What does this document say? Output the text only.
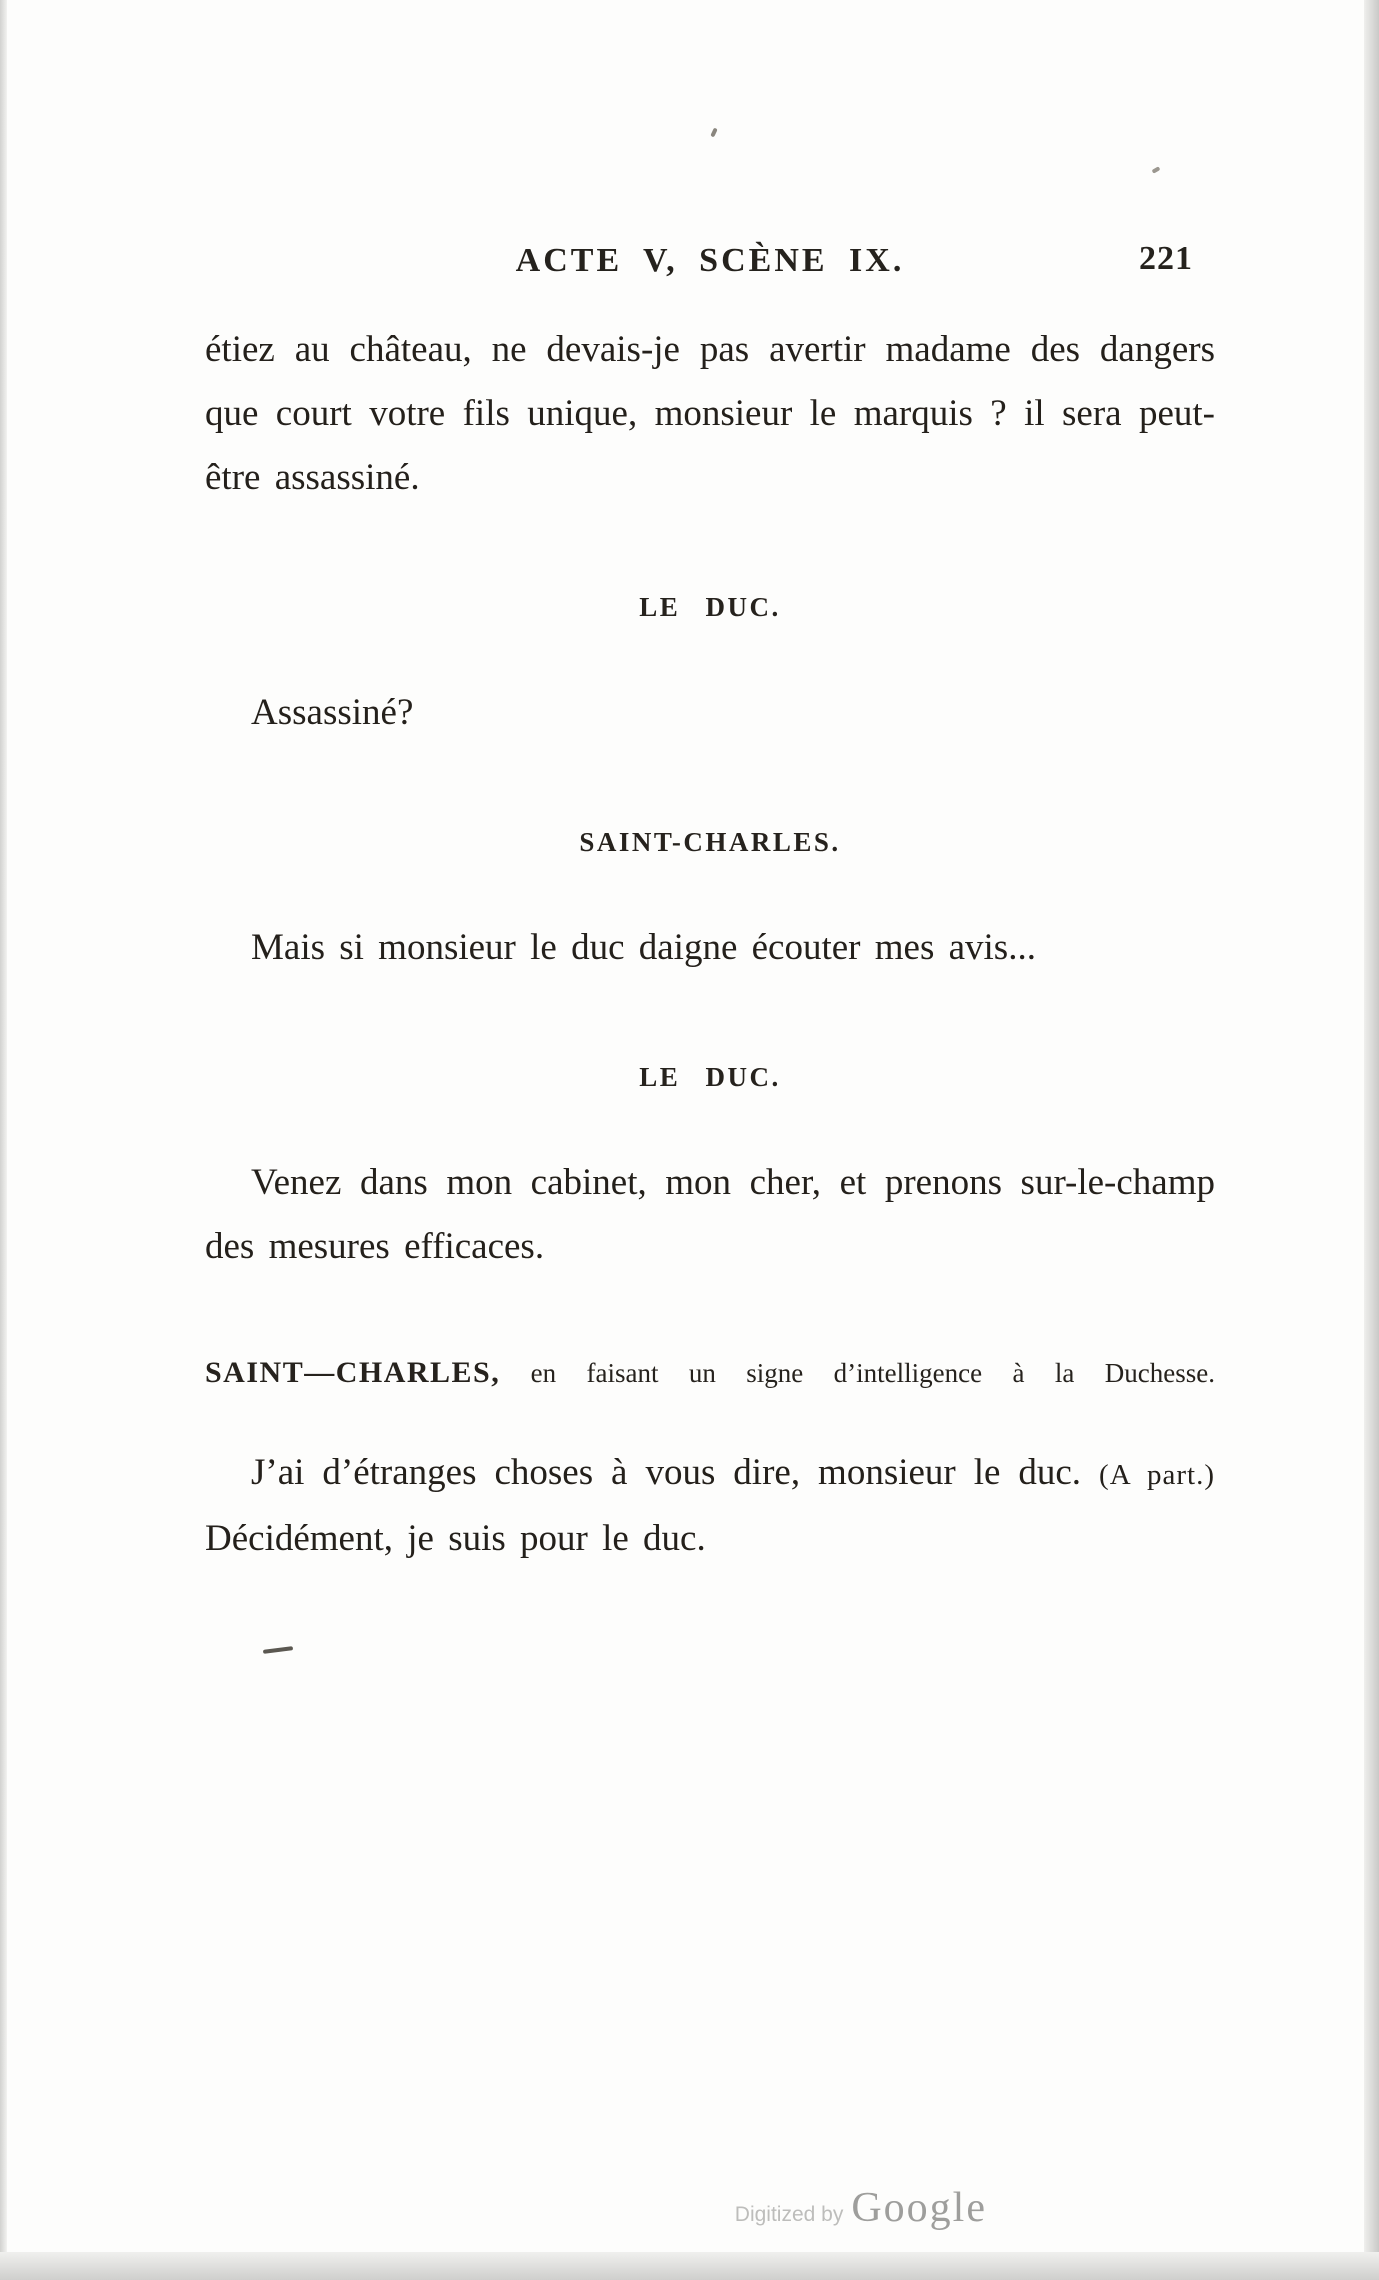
ACTE V, SCÈNE IX.	221

étiez au château, ne devais-je pas avertir madame des dangers que court votre fils unique, monsieur le marquis ? il sera peut-être assassiné.

LE DUC.

Assassiné?

SAINT-CHARLES.

Mais si monsieur le duc daigne écouter mes avis...

LE DUC.

Venez dans mon cabinet, mon cher, et prenons sur-le-champ des mesures efficaces.

SAINT—CHARLES, en faisant un signe d’intelligence à la Duchesse.

J’ai d’étranges choses à vous dire, monsieur le duc. (A part.) Décidément, je suis pour le duc.

Digitized by Google
